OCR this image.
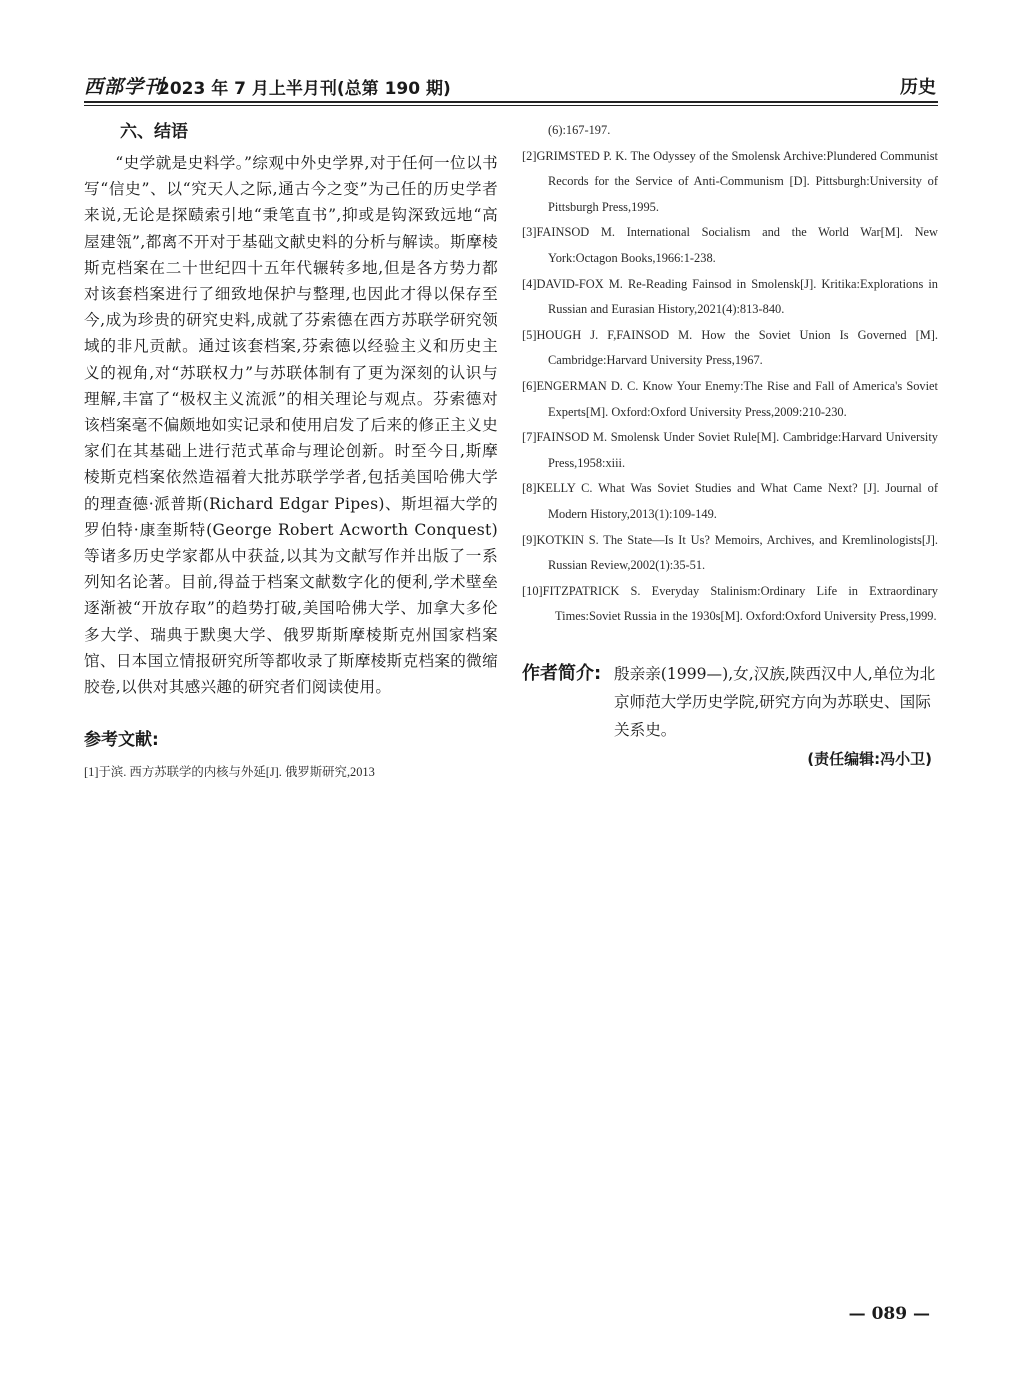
西部学刊
2023 年 7 月上半月刊(总第 190 期)	历史
六、结语

“史学就是史料学。”综观中外史学界,对于任何一位以书写“信史”、以“究天人之际,通古今之变”为己任的历史学者来说,无论是探赜索引地“秉笔直书”,抑或是钩深致远地“高屋建瓴”,都离不开对于基础文献史料的分析与解读。斯摩棱斯克档案在二十世纪四十五年代辗转多地,但是各方势力都对该套档案进行了细致地保护与整理,也因此才得以保存至今,成为珍贵的研究史料,成就了芬索德在西方苏联学研究领域的非凡贡献。通过该套档案,芬索德以经验主义和历史主义的视角,对“苏联权力”与苏联体制有了更为深刻的认识与理解,丰富了“极权主义流派”的相关理论与观点。芬索德对该档案毫不偏颇地如实记录和使用启发了后来的修正主义史家们在其基础上进行范式革命与理论创新。时至今日,斯摩棱斯克档案依然造福着大批苏联学学者,包括美国哈佛大学的理查德·派普斯(Richard Edgar Pipes)、斯坦福大学的罗伯特·康奎斯特(George Robert Acworth Conquest)等诸多历史学家都从中获益,以其为文献写作并出版了一系列知名论著。目前,得益于档案文献数字化的便利,学术壁垒逐渐被“开放存取”的趋势打破,美国哈佛大学、加拿大多伦多大学、瑞典于默奥大学、俄罗斯斯摩棱斯克州国家档案馆、日本国立情报研究所等都收录了斯摩棱斯克档案的微缩胶卷,以供对其感兴趣的研究者们阅读使用。

参考文献:

[1]于滨. 西方苏联学的内核与外延[J]. 俄罗斯研究,2013

(6):167-197.

[2]GRIMSTED P. K. The Odyssey of the Smolensk Archive:Plundered Communist Records for the Service of Anti-Communism [D]. Pittsburgh:University of Pittsburgh Press,1995.

[3]FAINSOD M. International Socialism and the World War[M]. New York:Octagon Books,1966:1-238.

[4]DAVID-FOX M. Re-Reading Fainsod in Smolensk[J]. Kritika:Explorations in Russian and Eurasian History,2021(4):813-840.

[5]HOUGH J. F,FAINSOD M. How the Soviet Union Is Governed [M]. Cambridge:Harvard University Press,1967.

[6]ENGERMAN D. C. Know Your Enemy:The Rise and Fall of America's Soviet Experts[M]. Oxford:Oxford University Press,2009:210-230.

[7]FAINSOD M. Smolensk Under Soviet Rule[M]. Cambridge:Harvard University Press,1958:xiii.

[8]KELLY C. What Was Soviet Studies and What Came Next? [J]. Journal of Modern History,2013(1):109-149.

[9]KOTKIN S. The State—Is It Us? Memoirs, Archives, and Kremlinologists[J]. Russian Review,2002(1):35-51.

[10]FITZPATRICK S. Everyday Stalinism:Ordinary Life in Extraordinary Times:Soviet Russia in the 1930s[M]. Oxford:Oxford University Press,1999.

作者简介: 殷亲亲(1999—),女,汉族,陕西汉中人,单位为北京师范大学历史学院,研究方向为苏联史、国际关系史。

(责任编辑:冯小卫)
— 089 —
